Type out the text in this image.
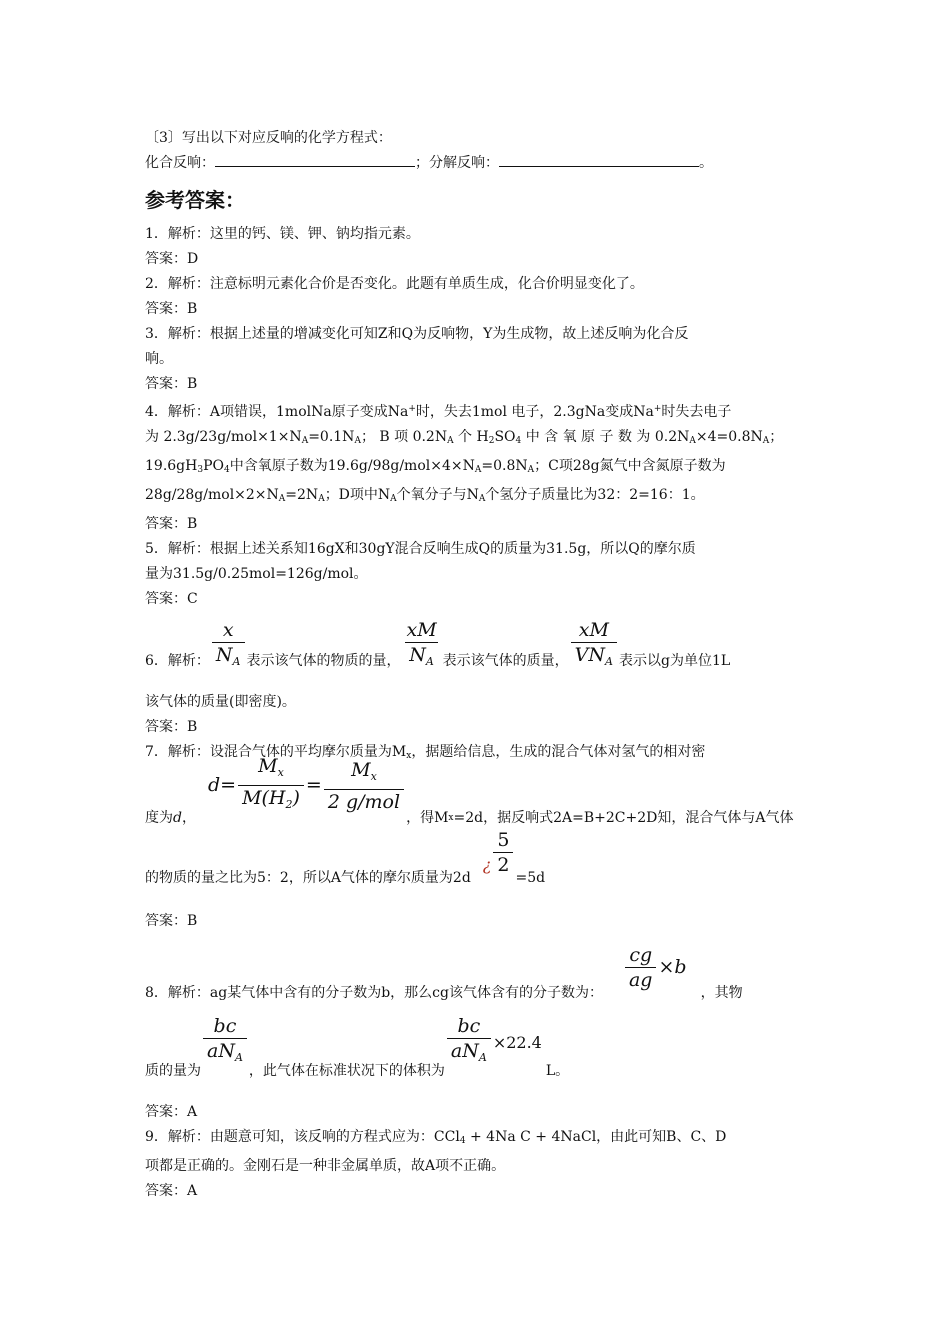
〔3〕写出以下对应反响的化学方程式：
化合反响：	；分解反响：	。
参考答案：
1．解析：这里的钙、镁、钾、钠均指元素。
答案：D
2．解析：注意标明元素化合价是否变化。此题有单质生成，化合价明显变化了。
答案：B
3．解析：根据上述量的增减变化可知Z和Q为反响物，Y为生成物，故上述反响为化合反
响。
答案：B
4．解析：A项错误，1molNa原子变成Na+时，失去1mol 电子，2.3gNa变成Na+时失去电子
为 2.3g/23g/mol×1×NA=0.1NA； B 项 0.2NA 个 H2SO4 中 含 氧 原 子 数 为 0.2NA×4=0.8NA；
19.6gH3PO4中含氧原子数为19.6g/98g/mol×4×NA=0.8NA；C项28g氮气中含氮原子数为
28g/28g/mol×2×NA=2NA；D项中NA个氧分子与NA个氢分子质量比为32：2=16：1。
答案：B
5．解析：根据上述关系知16gX和30gY混合反响生成Q的质量为31.5g，所以Q的摩尔质
量为31.5g/0.25mol=126g/mol。
答案：C
6．解析： $\frac{x}{N_A}$ 表示该气体的物质的量， $\frac{xM}{N_A}$ 表示该气体的质量， $\frac{xM}{VN_A}$ 表示以g为单位1L
该气体的质量(即密度)。
答案：B
7．解析：设混合气体的平均摩尔质量为Mx，据题给信息，生成的混合气体对氢气的相对密
度为 d ，
$d= \frac{M_x}{M(H_2)} = \frac{M_x}{\text{2 g/mol}}$
，得M x =2d，据反响式2A=B+2C+2D知，混合气体与A气体
的物质的量之比为5：2，所以A气体的摩尔质量为2d
¿ $\frac{5}{2}$
=5d
答案：B
8．解析：ag某气体中含有的分子数为b，那么cg该气体含有的分子数为：
$\frac{cg}{ag} \times b$
，其物
质的量为
$\frac{bc}{aN_A}$
，此气体在标准状况下的体积为
$\frac{bc}{aN_A} \times 22.4$
L。
答案：A
9．解析：由题意可知，该反响的方程式应为：CCl4 + 4Na C + 4NaCl，由此可知B、C、D
项都是正确的。金刚石是一种非金属单质，故A项不正确。
答案：A
